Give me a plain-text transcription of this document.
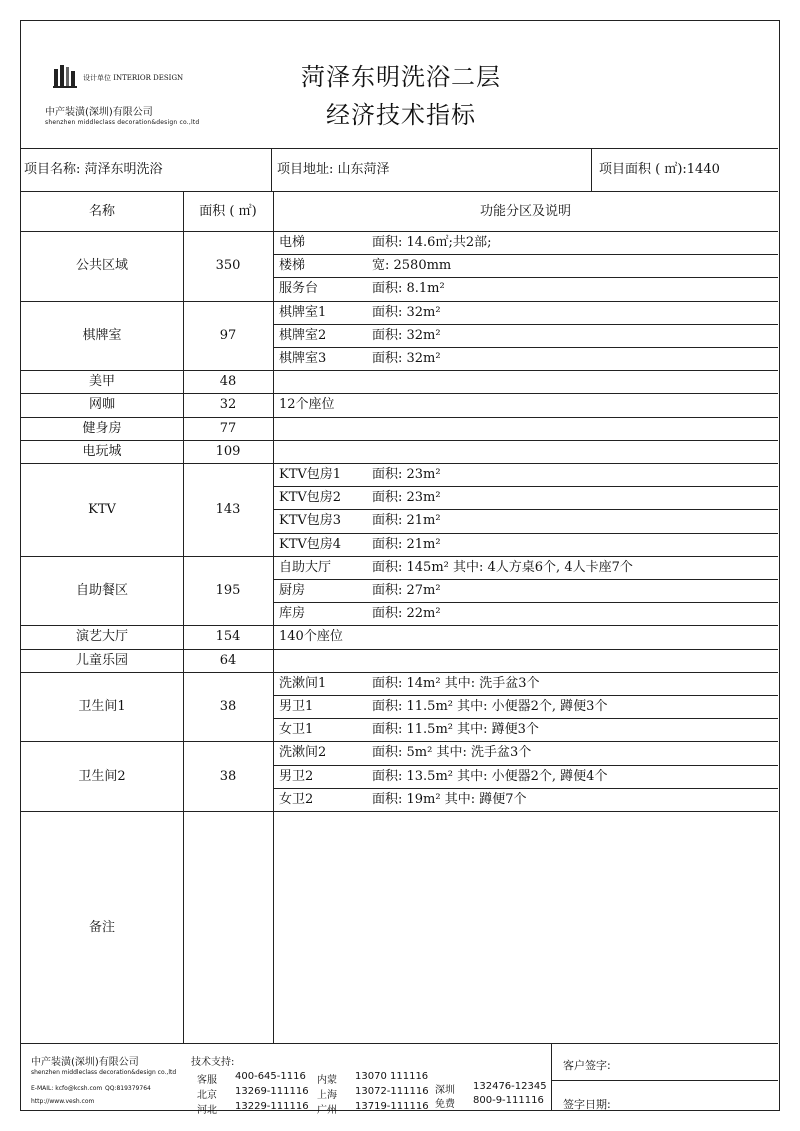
设计单位 INTERIOR DESIGN
中产装潢(深圳)有限公司
shenzhen middleclass decoration&design co.,ltd
菏泽东明洗浴二层
经济技术指标
项目名称: 菏泽东明洗浴	项目地址: 山东菏泽	项目面积 ( ㎡):1440
名称	面积 ( ㎡)	功能分区及说明
公共区域	350
电梯	面积: 14.6㎡;共2部;
楼梯	宽: 2580mm
服务台	面积: 8.1m²
棋牌室	97
棋牌室1	面积: 32m²
棋牌室2	面积: 32m²
棋牌室3	面积: 32m²
美甲	48
网咖	32	12个座位
健身房	77
电玩城	109
KTV	143
KTV包房1	面积: 23m²
KTV包房2	面积: 23m²
KTV包房3	面积: 21m²
KTV包房4	面积: 21m²
自助餐区	195
自助大厅	面积: 145m² 其中: 4人方桌6个, 4人卡座7个
厨房	面积: 27m²
库房	面积: 22m²
演艺大厅	154	140个座位
儿童乐园	64
卫生间1	38
洗漱间1	面积: 14m² 其中: 洗手盆3个
男卫1	面积: 11.5m² 其中: 小便器2个, 蹲便3个
女卫1	面积: 11.5m² 其中: 蹲便3个
卫生间2	38
洗漱间2	面积: 5m² 其中: 洗手盆3个
男卫2	面积: 13.5m² 其中: 小便器2个, 蹲便4个
女卫2	面积: 19m² 其中: 蹲便7个
备注
中产装潢(深圳)有限公司
shenzhen middleclass decoration&design co.,ltd
E-MAIL: kcfo@kcsh.com QQ:819379764
http://www.vesh.com
技术支持:
客服 400-645-1116
北京 13269-111116
河北 13229-111116
内蒙 13070 111116
上海 13072-111116
广州 13719-111116
深圳 132476-12345
免费 800-9-111116
客户签字:
签字日期:
